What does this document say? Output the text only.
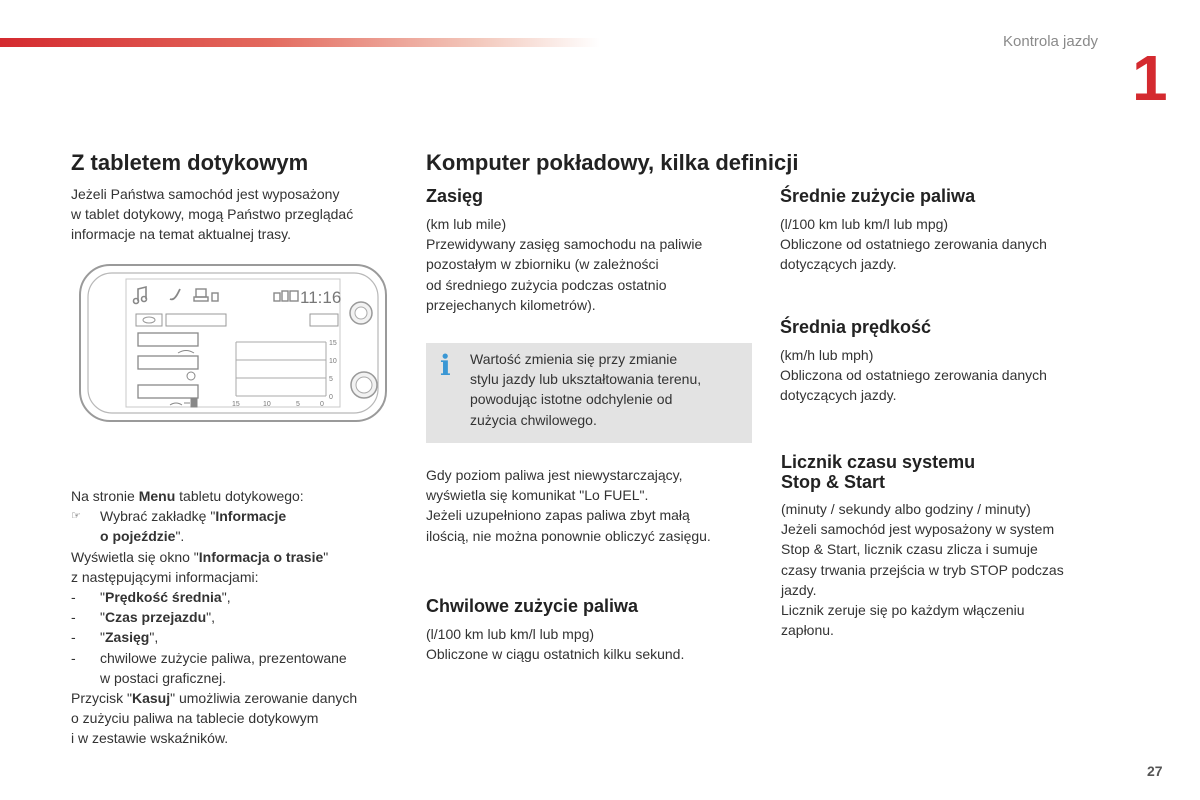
Kontrola jazdy
1
Z tabletem dotykowym
Jeżeli Państwa samochód jest wyposażony
w tablet dotykowy, mogą Państwo przeglądać
informacje na temat aktualnej trasy.
11:16
15
10
5
0
15	10	5	0
Na stronie Menu tabletu dotykowego:
☞ Wybrać zakładkę "Informacje
o pojeździe".
Wyświetla się okno "Informacja o trasie"
z następującymi informacjami:
- "Prędkość średnia",
- "Czas przejazdu",
- "Zasięg",
- chwilowe zużycie paliwa, prezentowane
w postaci graficznej.
Przycisk "Kasuj" umożliwia zerowanie danych
o zużyciu paliwa na tablecie dotykowym
i w zestawie wskaźników.
Komputer pokładowy, kilka definicji
Zasięg
(km lub mile)
Przewidywany zasięg samochodu na paliwie
pozostałym w zbiorniku (w zależności
od średniego zużycia podczas ostatnio
przejechanych kilometrów).
i Wartość zmienia się przy zmianie
stylu jazdy lub ukształtowania terenu,
powodując istotne odchylenie od
zużycia chwilowego.
Gdy poziom paliwa jest niewystarczający,
wyświetla się komunikat "Lo FUEL".
Jeżeli uzupełniono zapas paliwa zbyt małą
ilością, nie można ponownie obliczyć zasięgu.
Chwilowe zużycie paliwa
(l/100 km lub km/l lub mpg)
Obliczone w ciągu ostatnich kilku sekund.
Średnie zużycie paliwa
(l/100 km lub km/l lub mpg)
Obliczone od ostatniego zerowania danych
dotyczących jazdy.
Średnia prędkość
(km/h lub mph)
Obliczona od ostatniego zerowania danych
dotyczących jazdy.
Licznik czasu systemu
Stop & Start
(minuty / sekundy albo godziny / minuty)
Jeżeli samochód jest wyposażony w system
Stop & Start, licznik czasu zlicza i sumuje
czasy trwania przejścia w tryb STOP podczas
jazdy.
Licznik zeruje się po każdym włączeniu
zapłonu.
27
